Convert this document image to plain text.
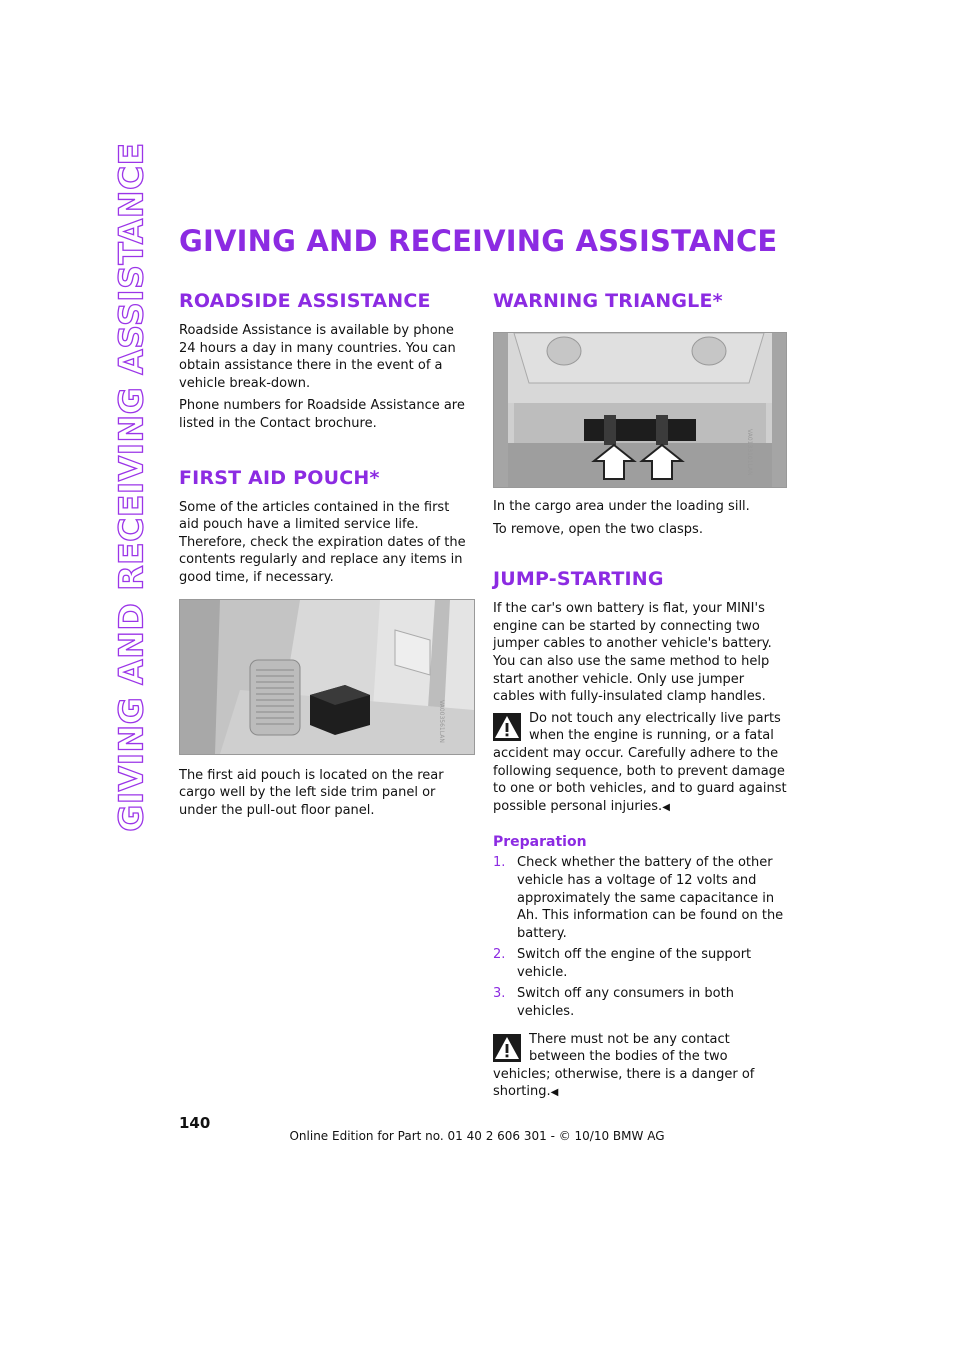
GIVING AND RECEIVING ASSISTANCE GIVING AND RECEIVING ASSISTANCE
ROADSIDE ASSISTANCE

Roadside Assistance is available by phone 24 hours a day in many countries. You can obtain assistance there in the event of a vehicle break-down.

Phone numbers for Roadside Assistance are listed in the Contact brochure.

FIRST AID POUCH*

Some of the articles contained in the first aid pouch have a limited service life. Therefore, check the expiration dates of the contents regularly and replace any items in good time, if necessary.

VA003561LAN

The first aid pouch is located on the rear cargo well by the left side trim panel or under the pull-out floor panel.

WARNING TRIANGLE*
VA0133101LAN

In the cargo area under the loading sill.

To remove, open the two clasps.

JUMP-STARTING

If the car's own battery is flat, your MINI's engine can be started by connecting two jumper cables to another vehicle's battery. You can also use the same method to help start another vehicle. Only use jumper cables with fully-insulated clamp handles.

Do not touch any electrically live parts when the engine is running, or a fatal accident may occur. Carefully adhere to the following sequence, both to prevent damage to one or both vehicles, and to guard against possible personal injuries.◀

Preparation
1. Check whether the battery of the other vehicle has a voltage of 12 volts and approximately the same capacitance in Ah. This information can be found on the battery.
2. Switch off the engine of the support vehicle.
3. Switch off any consumers in both vehicles.

There must not be any contact between the bodies of the two vehicles; otherwise, there is a danger of shorting.◀

140
Online Edition for Part no. 01 40 2 606 301 - © 10/10 BMW AG
